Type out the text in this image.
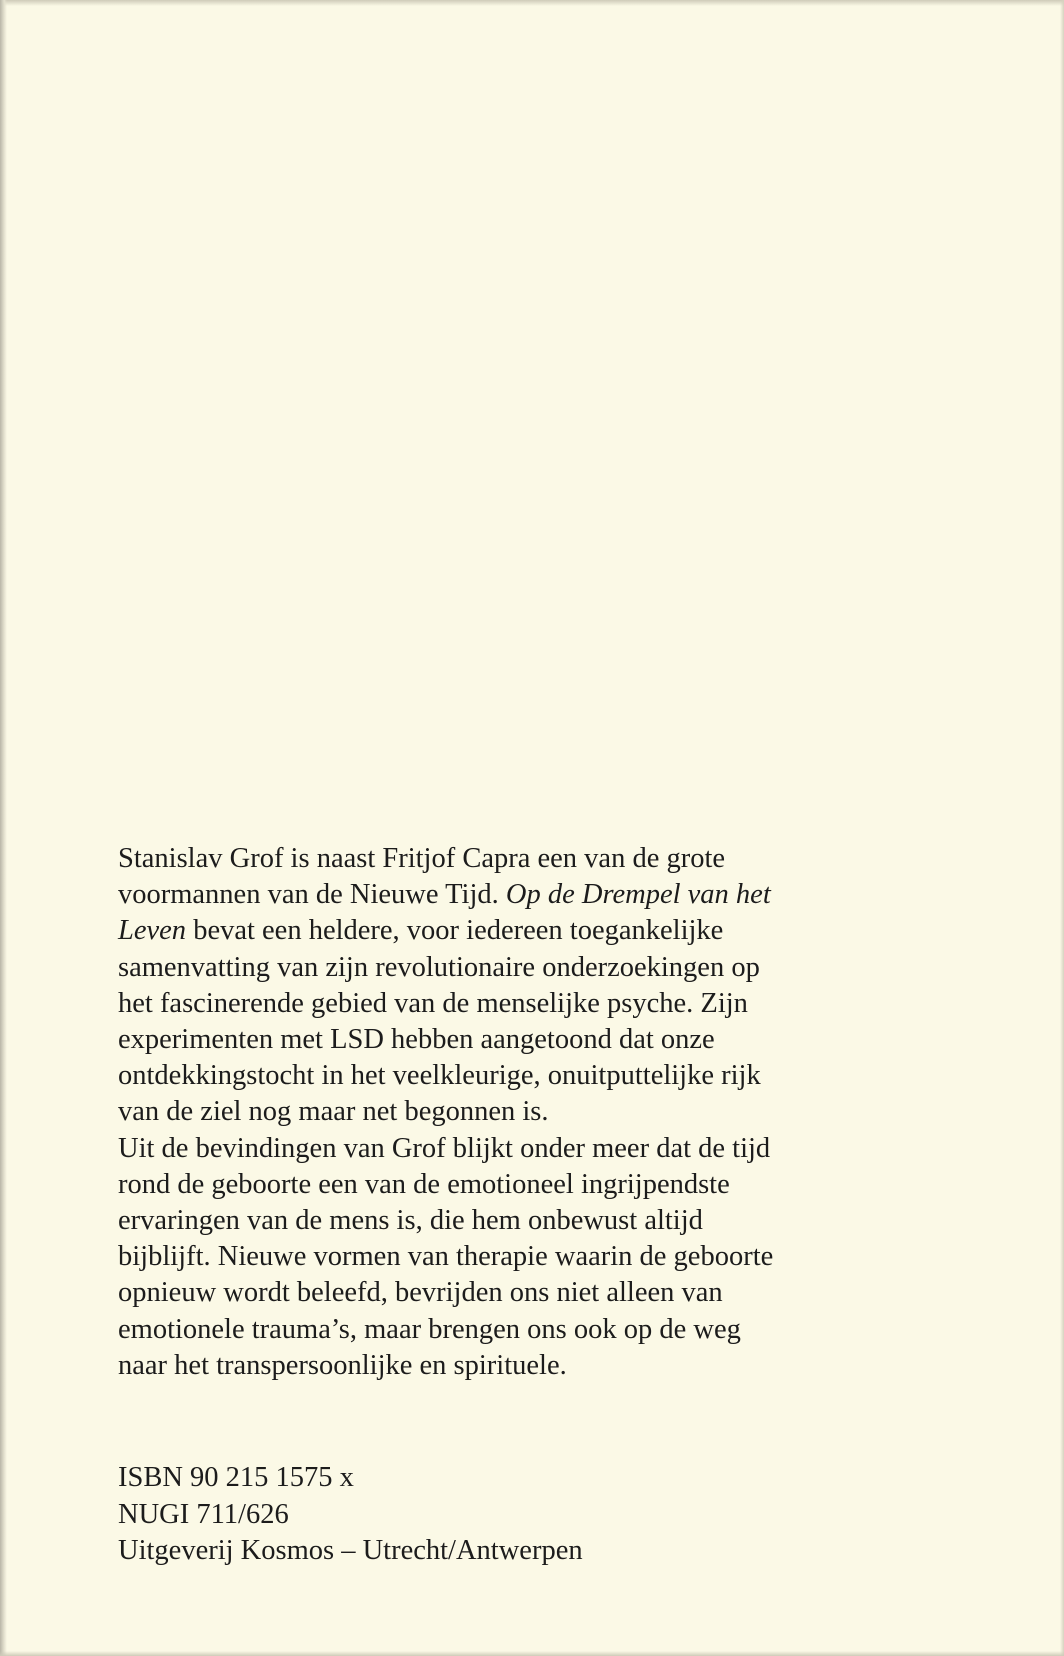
Stanislav Grof is naast Fritjof Capra een van de grote
voormannen van de Nieuwe Tijd. Op de Drempel van het
Leven bevat een heldere, voor iedereen toegankelijke
samenvatting van zijn revolutionaire onderzoekingen op
het fascinerende gebied van de menselijke psyche. Zijn
experimenten met LSD hebben aangetoond dat onze
ontdekkingstocht in het veelkleurige, onuitputtelijke rijk
van de ziel nog maar net begonnen is.
Uit de bevindingen van Grof blijkt onder meer dat de tijd
rond de geboorte een van de emotioneel ingrijpendste
ervaringen van de mens is, die hem onbewust altijd
bijblijft. Nieuwe vormen van therapie waarin de geboorte
opnieuw wordt beleefd, bevrijden ons niet alleen van
emotionele trauma’s, maar brengen ons ook op de weg
naar het transpersoonlijke en spirituele.
ISBN 90 215 1575 x
NUGI 711/626
Uitgeverij Kosmos – Utrecht/Antwerpen
